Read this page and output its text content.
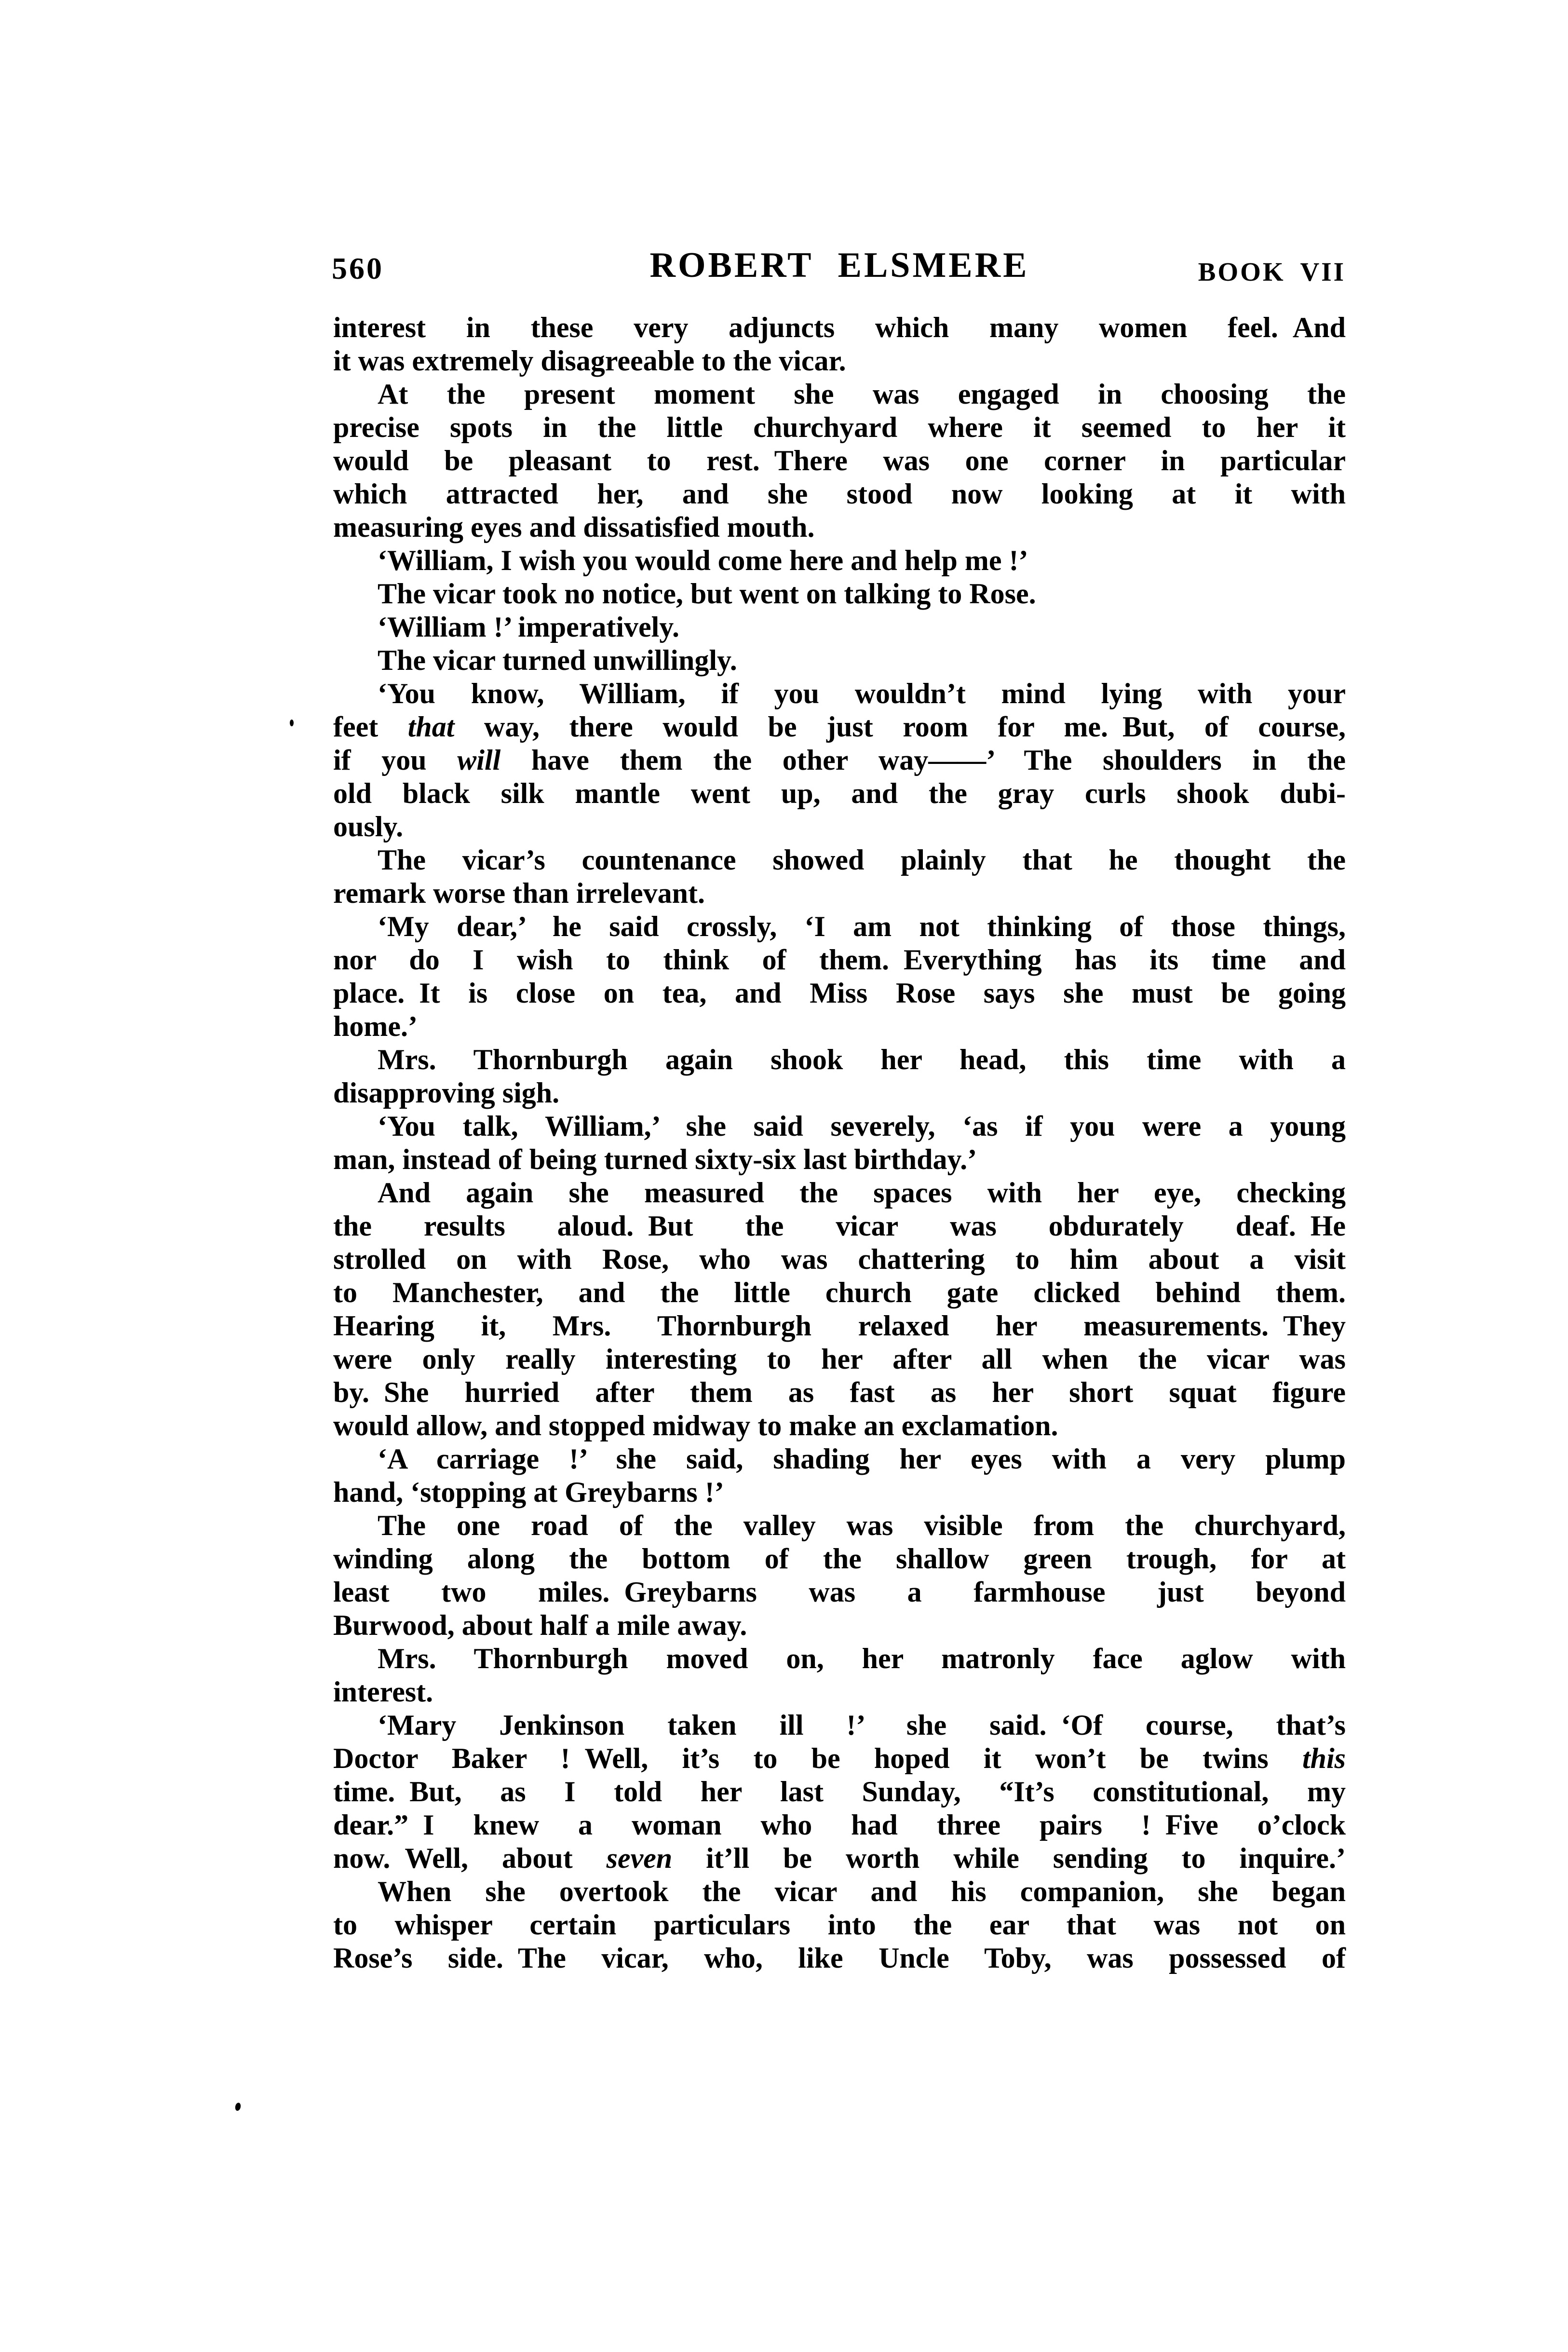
560	ROBERT ELSMERE	BOOK VII
interest in these very adjuncts which many women feel. And
it was extremely disagreeable to the vicar.
At the present moment she was engaged in choosing the
precise spots in the little churchyard where it seemed to her it
would be pleasant to rest. There was one corner in particular
which attracted her, and she stood now looking at it with
measuring eyes and dissatisfied mouth.
‘William, I wish you would come here and help me !’
The vicar took no notice, but went on talking to Rose.
‘William !’ imperatively.
The vicar turned unwillingly.
‘You know, William, if you wouldn’t mind lying with your
feet that way, there would be just room for me. But, of course,
if you will have them the other way——’ The shoulders in the
old black silk mantle went up, and the gray curls shook dubi-
ously.
The vicar’s countenance showed plainly that he thought the
remark worse than irrelevant.
‘My dear,’ he said crossly, ‘I am not thinking of those things,
nor do I wish to think of them. Everything has its time and
place. It is close on tea, and Miss Rose says she must be going
home.’
Mrs. Thornburgh again shook her head, this time with a
disapproving sigh.
‘You talk, William,’ she said severely, ‘as if you were a young
man, instead of being turned sixty-six last birthday.’
And again she measured the spaces with her eye, checking
the results aloud. But the vicar was obdurately deaf. He
strolled on with Rose, who was chattering to him about a visit
to Manchester, and the little church gate clicked behind them.
Hearing it, Mrs. Thornburgh relaxed her measurements. They
were only really interesting to her after all when the vicar was
by. She hurried after them as fast as her short squat figure
would allow, and stopped midway to make an exclamation.
‘A carriage !’ she said, shading her eyes with a very plump
hand, ‘stopping at Greybarns !’
The one road of the valley was visible from the churchyard,
winding along the bottom of the shallow green trough, for at
least two miles. Greybarns was a farmhouse just beyond
Burwood, about half a mile away.
Mrs. Thornburgh moved on, her matronly face aglow with
interest.
‘Mary Jenkinson taken ill !’ she said. ‘Of course, that’s
Doctor Baker ! Well, it’s to be hoped it won’t be twins this
time. But, as I told her last Sunday, “It’s constitutional, my
dear.” I knew a woman who had three pairs ! Five o’clock
now. Well, about seven it’ll be worth while sending to inquire.’
When she overtook the vicar and his companion, she began
to whisper certain particulars into the ear that was not on
Rose’s side. The vicar, who, like Uncle Toby, was possessed of
